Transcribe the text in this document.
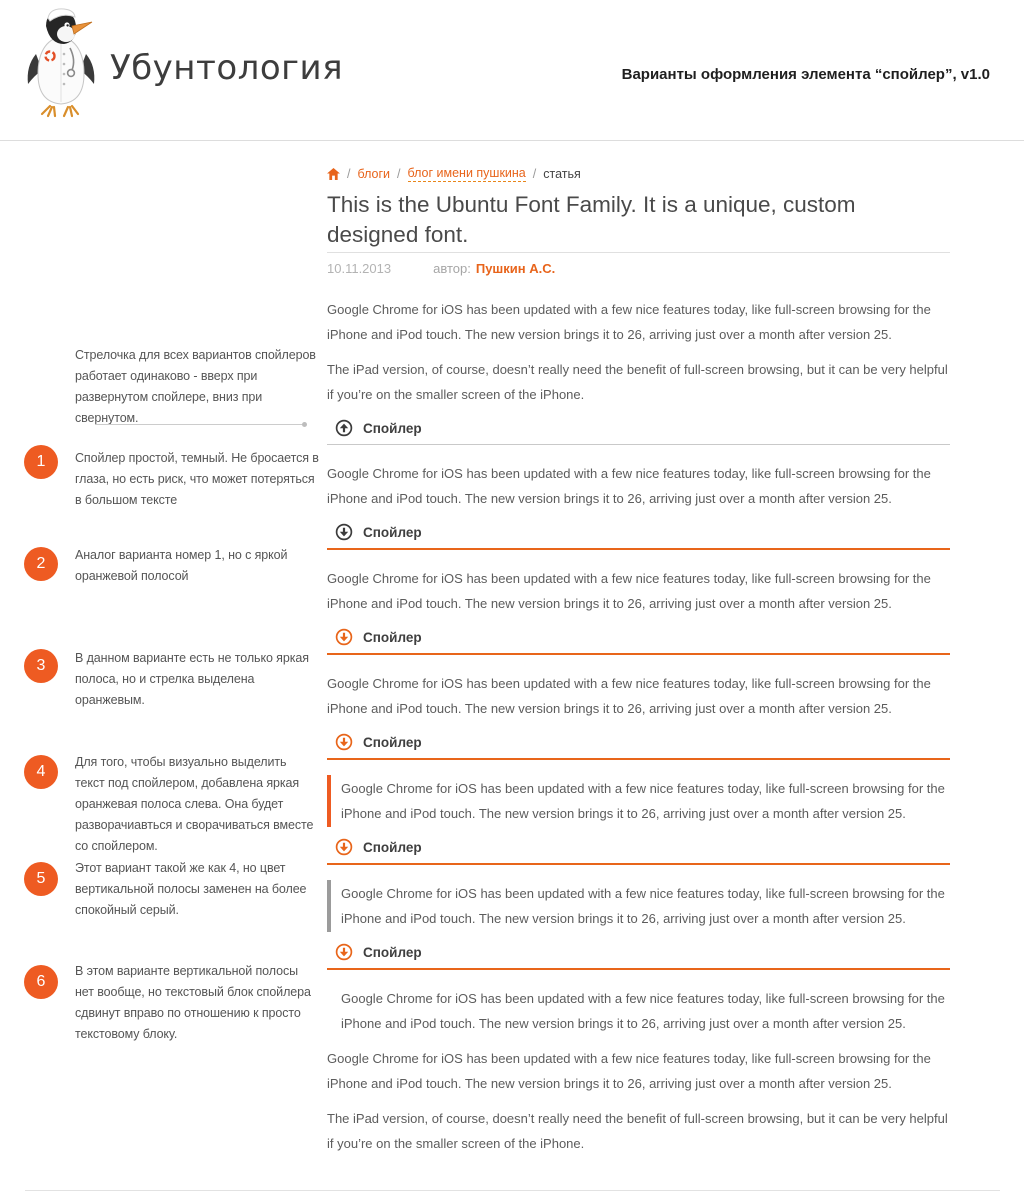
Убунтология	Варианты оформления элемента “спойлер”, v1.0
Стрелочка для всех вариантов спойлеров работает одинаково - вверх при развернутом спойлере, вниз при свернутом.
1	Спойлер простой, темный. Не бросается в глаза, но есть риск, что может потеряться в большом тексте
2	Аналог варианта номер 1, но с яркой оранжевой полосой
3	В данном варианте есть не только яркая полоса, но и стрелка выделена оранжевым.
4
Для того, чтобы визуально выделить текст под спойлером, добавлена яркая оранжевая полоса слева. Она будет разворачиавться и сворачиваться вместе со спойлером.
5
Этот вариант такой же как 4, но цвет вертикальной полосы заменен на более спокойный серый.
6
В этом варианте вертикальной полосы нет вообще, но текстовый блок спойлера сдвинут вправо по отношению к просто текстовому блоку.
/ блоги / блог имени пушкина / статья
This is the Ubuntu Font Family. It is a unique, custom designed font.
10.11.2013	автор: Пушкин А.С.

Google Chrome for iOS has been updated with a few nice features today, like full-screen browsing for the iPhone and iPod touch. The new version brings it to 26, arriving just over a month after version 25.

The iPad version, of course, doesn’t really need the benefit of full-screen browsing, but it can be very helpful if you’re on the smaller screen of the iPhone.

Спойлер

Google Chrome for iOS has been updated with a few nice features today, like full-screen browsing for the iPhone and iPod touch. The new version brings it to 26, arriving just over a month after version 25.

Спойлер

Google Chrome for iOS has been updated with a few nice features today, like full-screen browsing for the iPhone and iPod touch. The new version brings it to 26, arriving just over a month after version 25.

Спойлер

Google Chrome for iOS has been updated with a few nice features today, like full-screen browsing for the iPhone and iPod touch. The new version brings it to 26, arriving just over a month after version 25.

Спойлер

Google Chrome for iOS has been updated with a few nice features today, like full-screen browsing for the iPhone and iPod touch. The new version brings it to 26, arriving just over a month after version 25.

Спойлер

Google Chrome for iOS has been updated with a few nice features today, like full-screen browsing for the iPhone and iPod touch. The new version brings it to 26, arriving just over a month after version 25.

Спойлер

Google Chrome for iOS has been updated with a few nice features today, like full-screen browsing for the iPhone and iPod touch. The new version brings it to 26, arriving just over a month after version 25.

Google Chrome for iOS has been updated with a few nice features today, like full-screen browsing for the iPhone and iPod touch. The new version brings it to 26, arriving just over a month after version 25.

The iPad version, of course, doesn’t really need the benefit of full-screen browsing, but it can be very helpful if you’re on the smaller screen of the iPhone.
